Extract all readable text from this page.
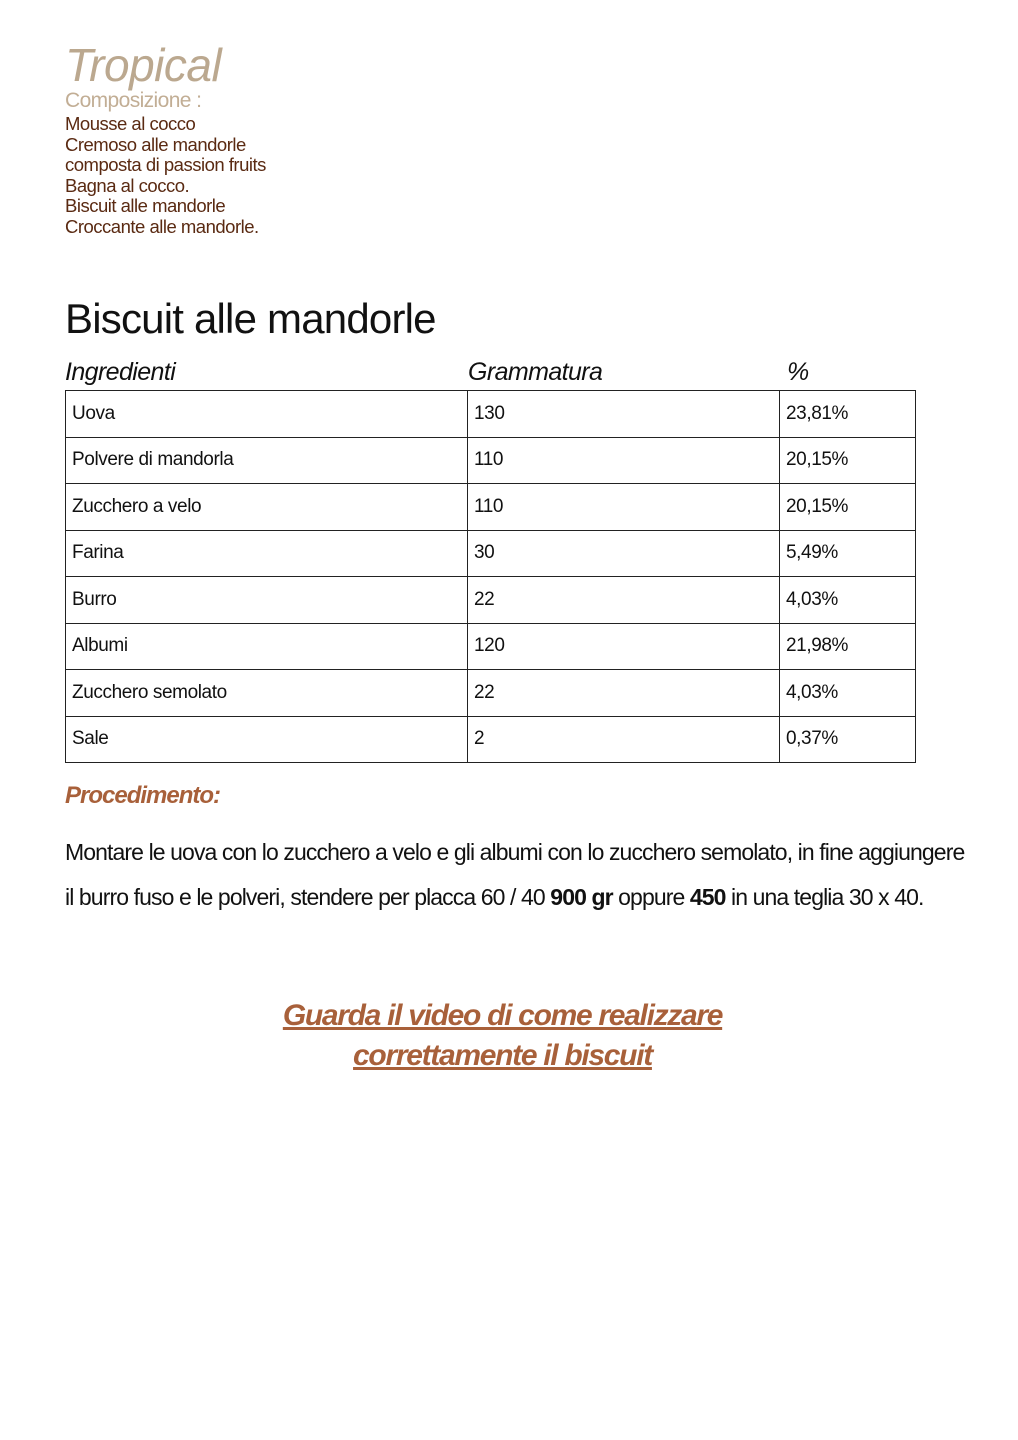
Tropical
Composizione :
Mousse al cocco
Cremoso alle mandorle
composta di passion fruits
Bagna al cocco.
Biscuit alle mandorle
Croccante alle mandorle.
Biscuit alle mandorle
Ingredienti	Grammatura	%
Uova	130	23,81%
Polvere di mandorla	110	20,15%
Zucchero a velo	110	20,15%
Farina	30	5,49%
Burro	22	4,03%
Albumi	120	21,98%
Zucchero semolato	22	4,03%
Sale	2	0,37%
Procedimento:
Montare le uova con lo zucchero a velo e gli albumi con lo zucchero semolato, in fine aggiungere il burro fuso e le polveri, stendere per placca 60 / 40 900 gr oppure 450 in una teglia 30 x 40.
Guarda il video di come realizzare
correttamente il biscuit
